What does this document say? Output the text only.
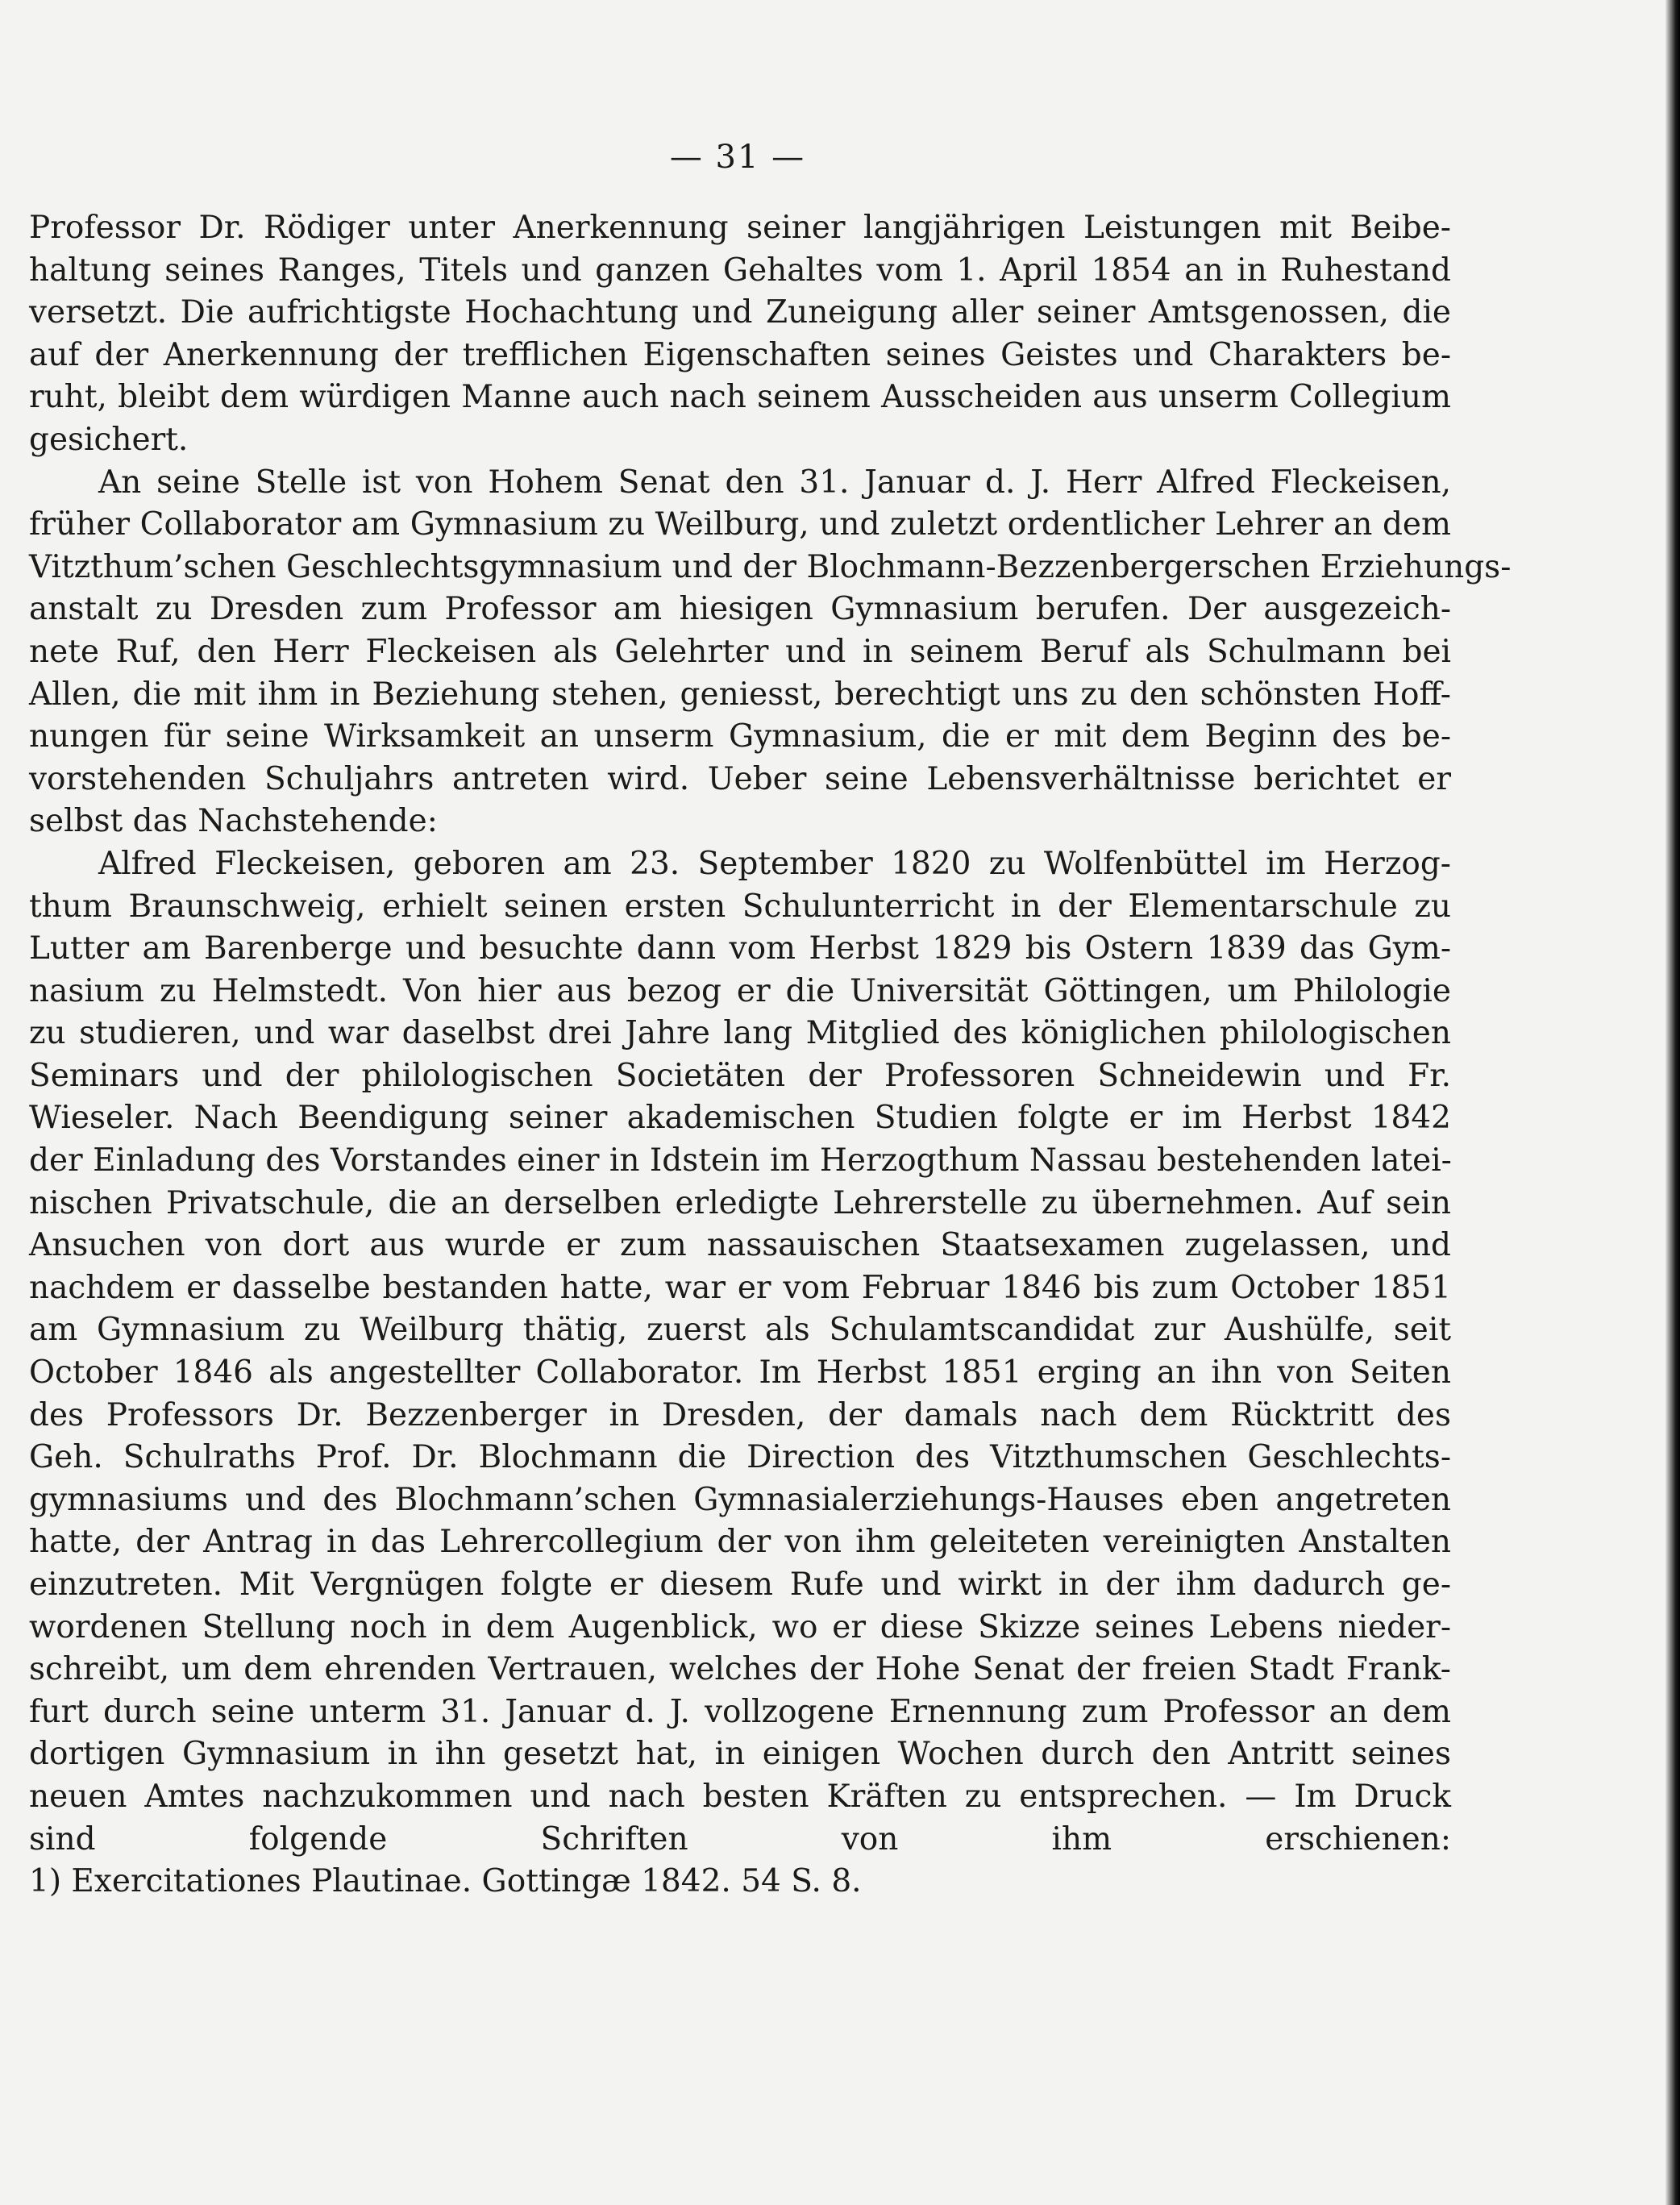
— 31 —
Professor Dr. Rödiger unter Anerkennung seiner langjährigen Leistungen mit Beibe-
haltung seines Ranges, Titels und ganzen Gehaltes vom 1. April 1854 an in Ruhestand
versetzt. Die aufrichtigste Hochachtung und Zuneigung aller seiner Amtsgenossen, die
auf der Anerkennung der trefflichen Eigenschaften seines Geistes und Charakters be-
ruht, bleibt dem würdigen Manne auch nach seinem Ausscheiden aus unserm Collegium
gesichert.
An seine Stelle ist von Hohem Senat den 31. Januar d. J. Herr Alfred Fleckeisen,
früher Collaborator am Gymnasium zu Weilburg, und zuletzt ordentlicher Lehrer an dem
Vitzthum’schen Geschlechtsgymnasium und der Blochmann-Bezzenbergerschen Erziehungs-
anstalt zu Dresden zum Professor am hiesigen Gymnasium berufen. Der ausgezeich-
nete Ruf, den Herr Fleckeisen als Gelehrter und in seinem Beruf als Schulmann bei
Allen, die mit ihm in Beziehung stehen, geniesst, berechtigt uns zu den schönsten Hoff-
nungen für seine Wirksamkeit an unserm Gymnasium, die er mit dem Beginn des be-
vorstehenden Schuljahrs antreten wird. Ueber seine Lebensverhältnisse berichtet er
selbst das Nachstehende:
Alfred Fleckeisen, geboren am 23. September 1820 zu Wolfenbüttel im Herzog-
thum Braunschweig, erhielt seinen ersten Schulunterricht in der Elementarschule zu
Lutter am Barenberge und besuchte dann vom Herbst 1829 bis Ostern 1839 das Gym-
nasium zu Helmstedt. Von hier aus bezog er die Universität Göttingen, um Philologie
zu studieren, und war daselbst drei Jahre lang Mitglied des königlichen philologischen
Seminars und der philologischen Societäten der Professoren Schneidewin und Fr.
Wieseler. Nach Beendigung seiner akademischen Studien folgte er im Herbst 1842
der Einladung des Vorstandes einer in Idstein im Herzogthum Nassau bestehenden latei-
nischen Privatschule, die an derselben erledigte Lehrerstelle zu übernehmen. Auf sein
Ansuchen von dort aus wurde er zum nassauischen Staatsexamen zugelassen, und
nachdem er dasselbe bestanden hatte, war er vom Februar 1846 bis zum October 1851
am Gymnasium zu Weilburg thätig, zuerst als Schulamtscandidat zur Aushülfe, seit
October 1846 als angestellter Collaborator. Im Herbst 1851 erging an ihn von Seiten
des Professors Dr. Bezzenberger in Dresden, der damals nach dem Rücktritt des
Geh. Schulraths Prof. Dr. Blochmann die Direction des Vitzthumschen Geschlechts-
gymnasiums und des Blochmann’schen Gymnasialerziehungs-Hauses eben angetreten
hatte, der Antrag in das Lehrercollegium der von ihm geleiteten vereinigten Anstalten
einzutreten. Mit Vergnügen folgte er diesem Rufe und wirkt in der ihm dadurch ge-
wordenen Stellung noch in dem Augenblick, wo er diese Skizze seines Lebens nieder-
schreibt, um dem ehrenden Vertrauen, welches der Hohe Senat der freien Stadt Frank-
furt durch seine unterm 31. Januar d. J. vollzogene Ernennung zum Professor an dem
dortigen Gymnasium in ihn gesetzt hat, in einigen Wochen durch den Antritt seines
neuen Amtes nachzukommen und nach besten Kräften zu entsprechen. — Im Druck
sind folgende Schriften von ihm erschienen:
1) Exercitationes Plautinae. Gottingæ 1842. 54 S. 8.
